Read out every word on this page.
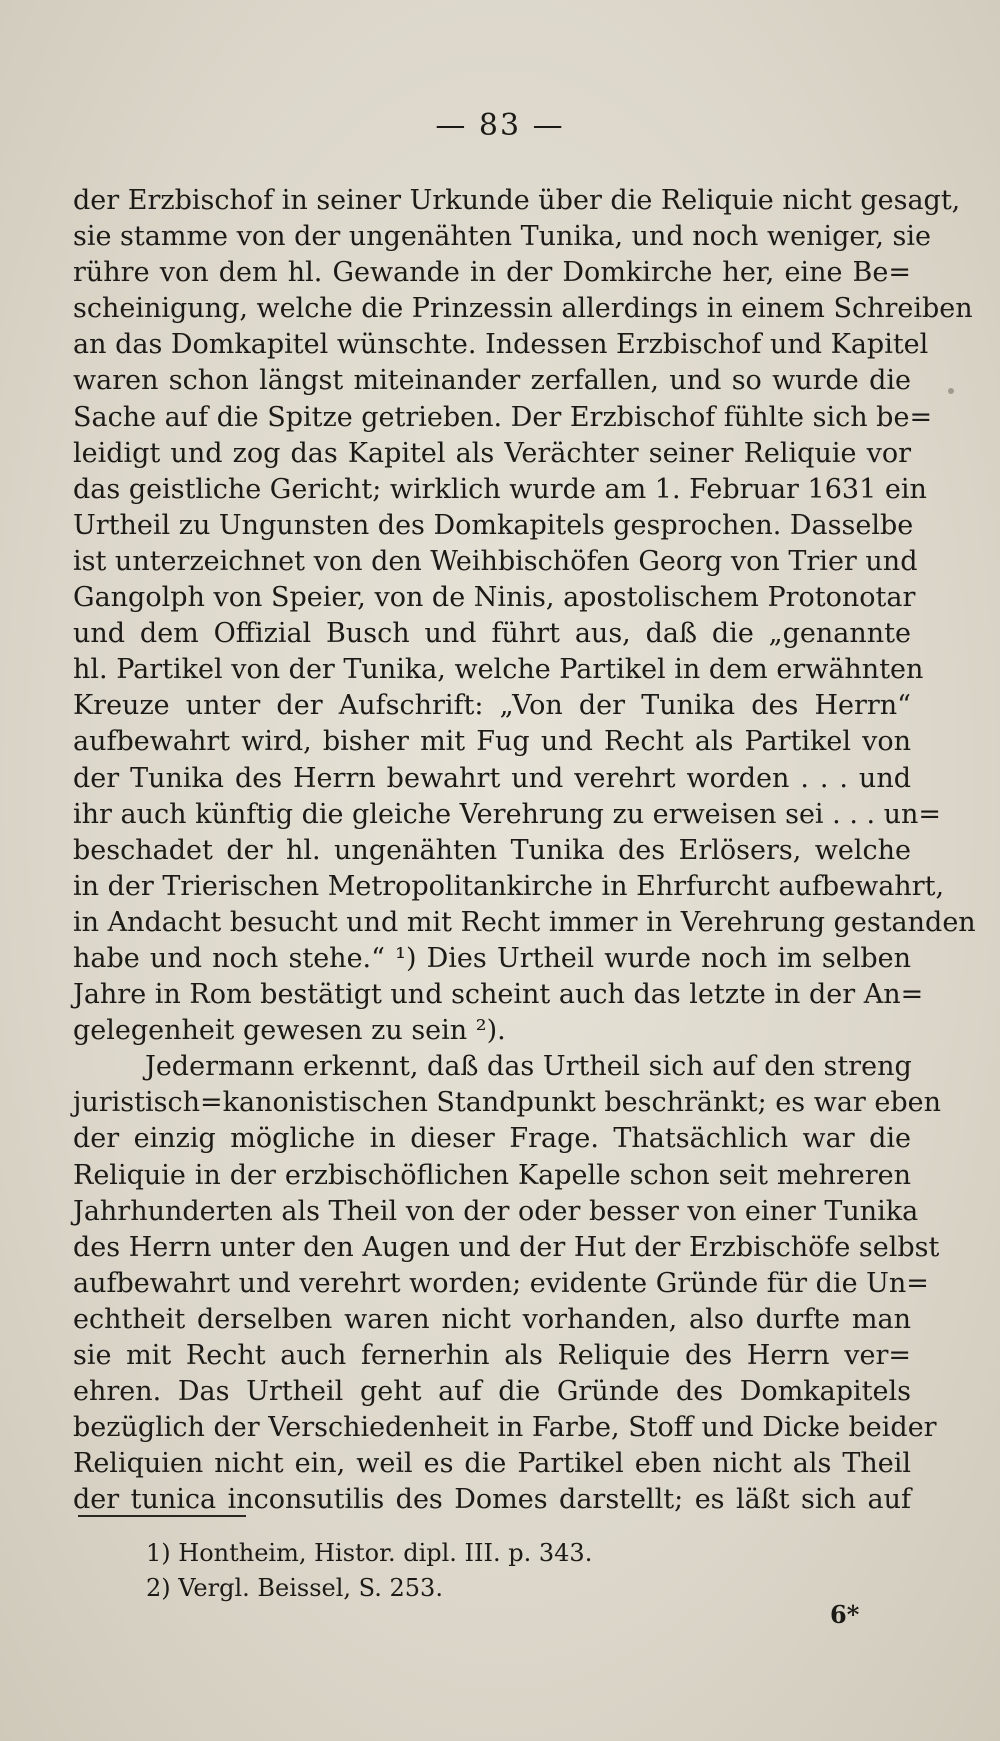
— 83 —
der Erzbischof in seiner Urkunde über die Reliquie nicht gesagt,
sie stamme von der ungenähten Tunika, und noch weniger, sie
rühre von dem hl. Gewande in der Domkirche her, eine Be=
scheinigung, welche die Prinzessin allerdings in einem Schreiben
an das Domkapitel wünschte. Indessen Erzbischof und Kapitel
waren schon längst miteinander zerfallen, und so wurde die
Sache auf die Spitze getrieben. Der Erzbischof fühlte sich be=
leidigt und zog das Kapitel als Verächter seiner Reliquie vor
das geistliche Gericht; wirklich wurde am 1. Februar 1631 ein
Urtheil zu Ungunsten des Domkapitels gesprochen. Dasselbe
ist unterzeichnet von den Weihbischöfen Georg von Trier und
Gangolph von Speier, von de Ninis, apostolischem Protonotar
und dem Offizial Busch und führt aus, daß die „genannte
hl. Partikel von der Tunika, welche Partikel in dem erwähnten
Kreuze unter der Aufschrift: „Von der Tunika des Herrn“
aufbewahrt wird, bisher mit Fug und Recht als Partikel von
der Tunika des Herrn bewahrt und verehrt worden . . . und
ihr auch künftig die gleiche Verehrung zu erweisen sei . . . un=
beschadet der hl. ungenähten Tunika des Erlösers, welche
in der Trierischen Metropolitankirche in Ehrfurcht aufbewahrt,
in Andacht besucht und mit Recht immer in Verehrung gestanden
habe und noch stehe.“ ¹) Dies Urtheil wurde noch im selben
Jahre in Rom bestätigt und scheint auch das letzte in der An=
gelegenheit gewesen zu sein ²).
Jedermann erkennt, daß das Urtheil sich auf den streng
juristisch=kanonistischen Standpunkt beschränkt; es war eben
der einzig mögliche in dieser Frage. Thatsächlich war die
Reliquie in der erzbischöflichen Kapelle schon seit mehreren
Jahrhunderten als Theil von der oder besser von einer Tunika
des Herrn unter den Augen und der Hut der Erzbischöfe selbst
aufbewahrt und verehrt worden; evidente Gründe für die Un=
echtheit derselben waren nicht vorhanden, also durfte man
sie mit Recht auch fernerhin als Reliquie des Herrn ver=
ehren. Das Urtheil geht auf die Gründe des Domkapitels
bezüglich der Verschiedenheit in Farbe, Stoff und Dicke beider
Reliquien nicht ein, weil es die Partikel eben nicht als Theil
der tunica inconsutilis des Domes darstellt; es läßt sich auf
1) Hontheim, Histor. dipl. III. p. 343.
2) Vergl. Beissel, S. 253.
6*
